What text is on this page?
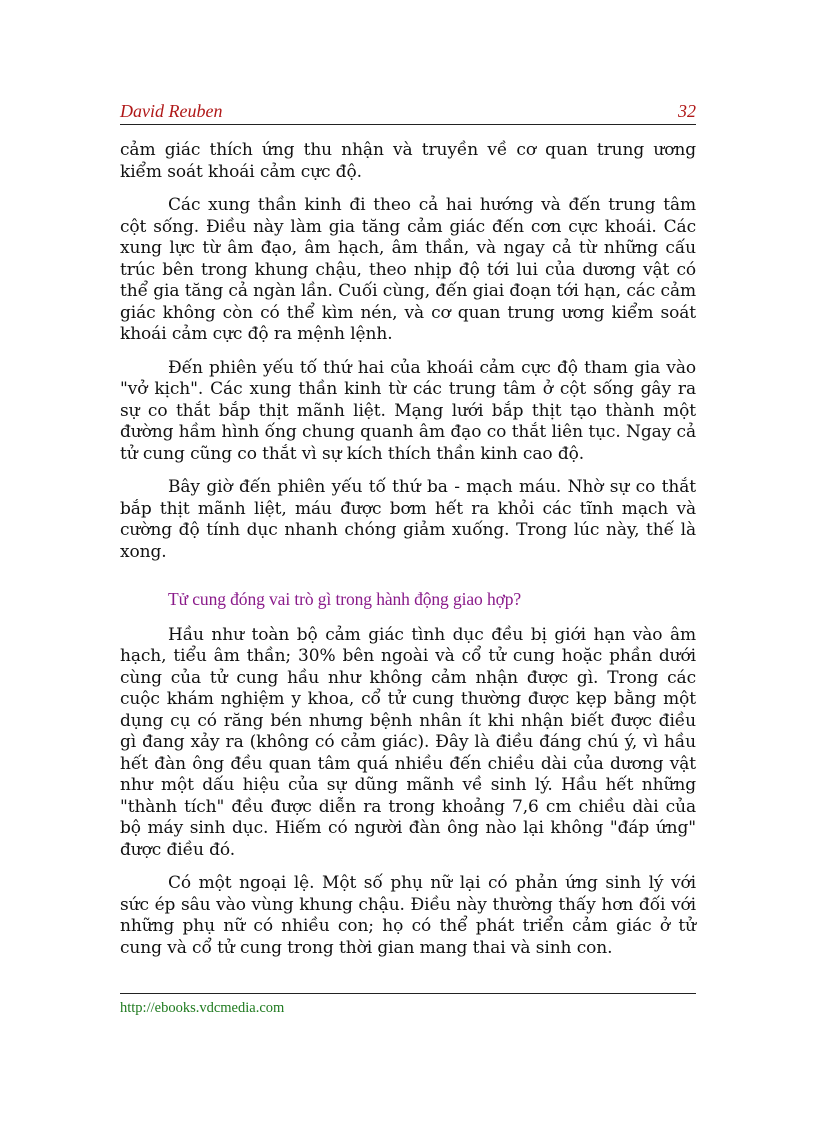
David Reuben	32

cảm giác thích ứng thu nhận và truyền về cơ quan trung ương kiểm soát khoái cảm cực độ.

Các xung thần kinh đi theo cả hai hướng và đến trung tâm cột sống. Điều này làm gia tăng cảm giác đến cơn cực khoái. Các xung lực từ âm đạo, âm hạch, âm thần, và ngay cả từ những cấu trúc bên trong khung chậu, theo nhịp độ tới lui của dương vật có thể gia tăng cả ngàn lần. Cuối cùng, đến giai đoạn tới hạn, các cảm giác không còn có thể kìm nén, và cơ quan trung ương kiểm soát khoái cảm cực độ ra mệnh lệnh.

Đến phiên yếu tố thứ hai của khoái cảm cực độ tham gia vào "vở kịch". Các xung thần kinh từ các trung tâm ở cột sống gây ra sự co thắt bắp thịt mãnh liệt. Mạng lưới bắp thịt tạo thành một đường hầm hình ống chung quanh âm đạo co thắt liên tục. Ngay cả tử cung cũng co thắt vì sự kích thích thần kinh cao độ.

Bây giờ đến phiên yếu tố thứ ba - mạch máu. Nhờ sự co thắt bắp thịt mãnh liệt, máu được bơm hết ra khỏi các tĩnh mạch và cường độ tính dục nhanh chóng giảm xuống. Trong lúc này, thế là xong.

Tử cung đóng vai trò gì trong hành động giao hợp?

Hầu như toàn bộ cảm giác tình dục đều bị giới hạn vào âm hạch, tiểu âm thần; 30% bên ngoài và cổ tử cung hoặc phần dưới cùng của tử cung hầu như không cảm nhận được gì. Trong các cuộc khám nghiệm y khoa, cổ tử cung thường được kẹp bằng một dụng cụ có răng bén nhưng bệnh nhân ít khi nhận biết được điều gì đang xảy ra (không có cảm giác). Đây là điều đáng chú ý, vì hầu hết đàn ông đều quan tâm quá nhiều đến chiều dài của dương vật như một dấu hiệu của sự dũng mãnh về sinh lý. Hầu hết những "thành tích" đều được diễn ra trong khoảng 7,6 cm chiều dài của bộ máy sinh dục. Hiếm có người đàn ông nào lại không "đáp ứng" được điều đó.

Có một ngoại lệ. Một số phụ nữ lại có phản ứng sinh lý với sức ép sâu vào vùng khung chậu. Điều này thường thấy hơn đối với những phụ nữ có nhiều con; họ có thể phát triển cảm giác ở tử cung và cổ tử cung trong thời gian mang thai và sinh con.

http://ebooks.vdcmedia.com
